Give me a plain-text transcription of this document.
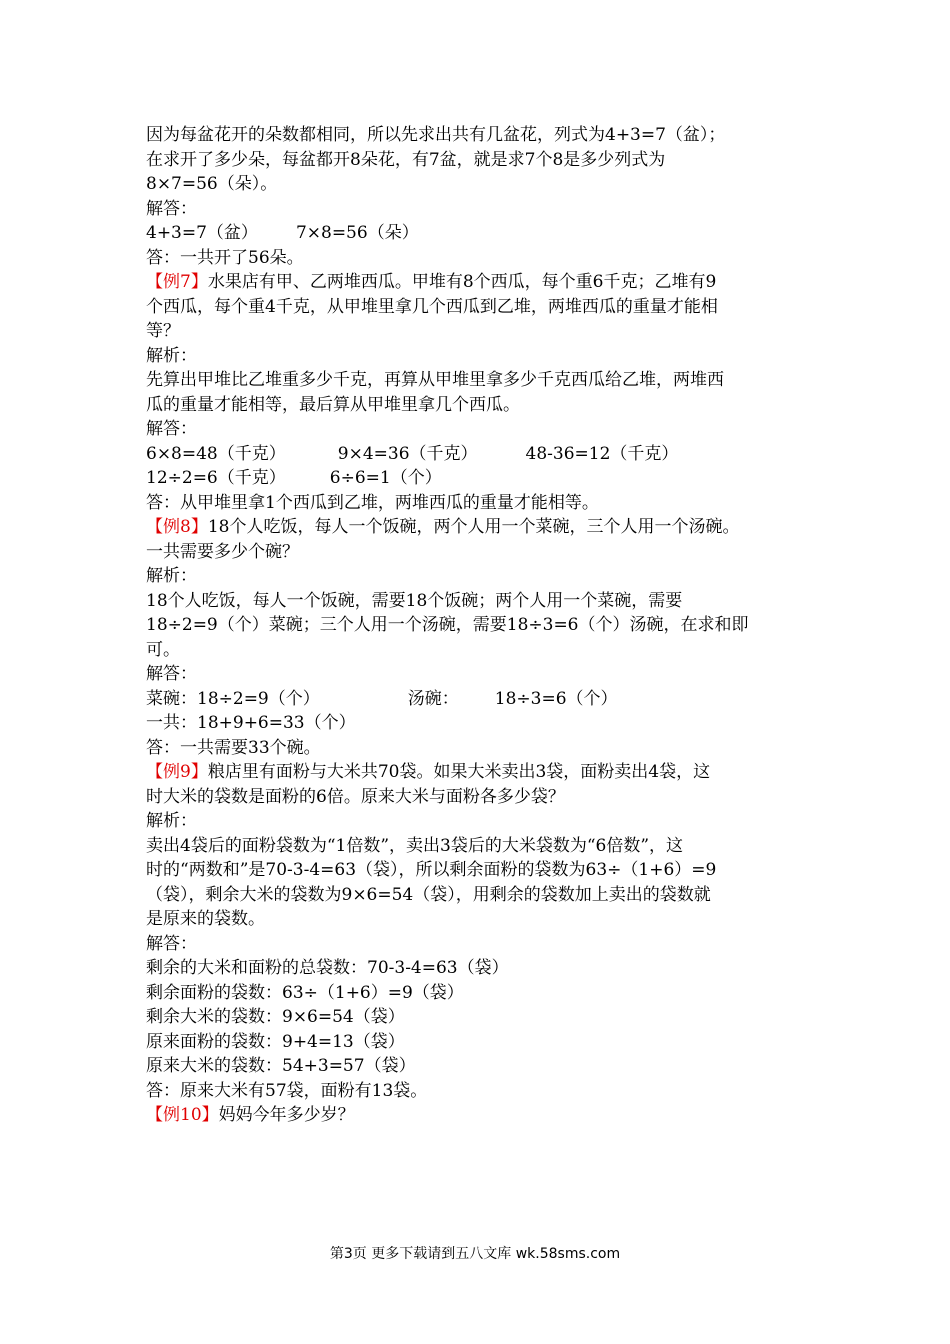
因为每盆花开的朵数都相同，所以先求出共有几盆花，列式为4+3=7（盆）；
在求开了多少朵，每盆都开8朵花，有7盆，就是求7个8是多少列式为
8×7=56（朵）。
解答：
4+3=7（盆） 7×8=56（朵）
答：一共开了56朵。
【例7】水果店有甲、乙两堆西瓜。甲堆有8个西瓜，每个重6千克；乙堆有9
个西瓜，每个重4千克，从甲堆里拿几个西瓜到乙堆，两堆西瓜的重量才能相
等？
解析：
先算出甲堆比乙堆重多少千克，再算从甲堆里拿多少千克西瓜给乙堆，两堆西
瓜的重量才能相等，最后算从甲堆里拿几个西瓜。
解答：
6×8=48（千克）	9×4=36（千克）	48-36=12（千克）
12÷2=6（千克）	6÷6=1（个）
答：从甲堆里拿1个西瓜到乙堆，两堆西瓜的重量才能相等。
【例8】18个人吃饭，每人一个饭碗，两个人用一个菜碗，三个人用一个汤碗。
一共需要多少个碗？
解析：
18个人吃饭，每人一个饭碗，需要18个饭碗；两个人用一个菜碗，需要
18÷2=9（个）菜碗；三个人用一个汤碗，需要18÷3=6（个）汤碗，在求和即
可。
解答：
菜碗：18÷2=9（个）	汤碗： 18÷3=6（个）
一共：18+9+6=33（个）
答：一共需要33个碗。
【例9】粮店里有面粉与大米共70袋。如果大米卖出3袋，面粉卖出4袋，这
时大米的袋数是面粉的6倍。原来大米与面粉各多少袋？
解析：
卖出4袋后的面粉袋数为“1倍数”，卖出3袋后的大米袋数为“6倍数”，这
时的“两数和”是70-3-4=63（袋），所以剩余面粉的袋数为63÷（1+6）=9
（袋），剩余大米的袋数为9×6=54（袋），用剩余的袋数加上卖出的袋数就
是原来的袋数。
解答：
剩余的大米和面粉的总袋数：70-3-4=63（袋）
剩余面粉的袋数：63÷（1+6）=9（袋）
剩余大米的袋数：9×6=54（袋）
原来面粉的袋数：9+4=13（袋）
原来大米的袋数：54+3=57（袋）
答：原来大米有57袋，面粉有13袋。
【例10】妈妈今年多少岁？
第3页 更多下载请到五八文库 wk.58sms.com
